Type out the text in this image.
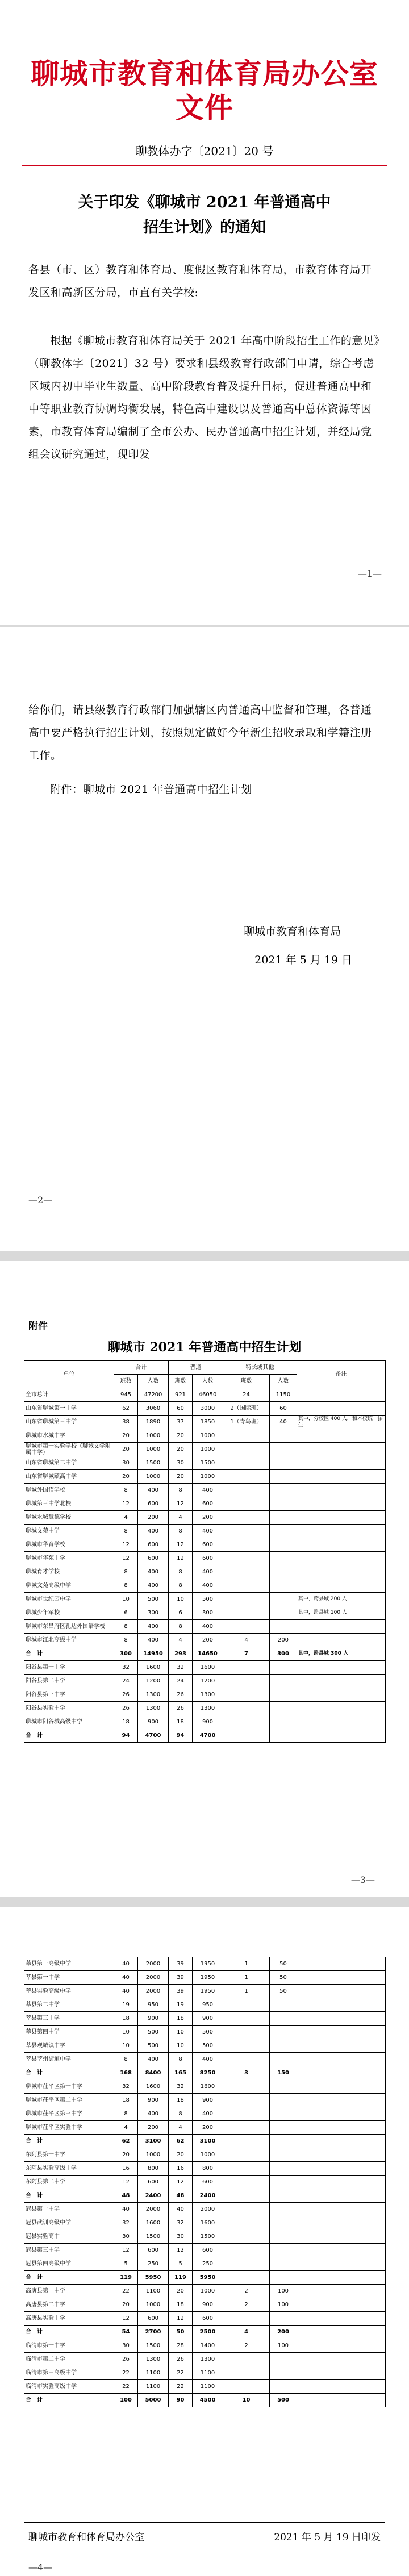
聊城市教育和体育局办公室文件
聊教体办字〔2021〕20 号
关于印发《聊城市 2021 年普通高中
招生计划》的通知

各县（市、区）教育和体育局、度假区教育和体育局，市教育体育局开发区和高新区分局，市直有关学校:

根据《聊城市教育和体育局关于 2021 年高中阶段招生工作的意见》（聊教体字〔2021〕32 号）要求和县级教育行政部门申请，综合考虑区域内初中毕业生数量、高中阶段教育普及提升目标，促进普通高中和中等职业教育协调均衡发展，特色高中建设以及普通高中总体资源等因素，市教育体育局编制了全市公办、民办普通高中招生计划，并经局党组会议研究通过，现印发

—1—
—2—

给你们，请县级教育行政部门加强辖区内普通高中监督和管理，各普通高中要严格执行招生计划，按照规定做好今年新生招收录取和学籍注册工作。

附件：聊城市 2021 年普通高中招生计划

聊城市教育和体育局
2021 年 5 月 19 日
—3—
附件
聊城市 2021 年普通高中招生计划
单位	合计		普通		特长或其他		备注
	班数	人数	班数	人数	班数	人数	
全市总计	945	47200	921	46050	24	1150	
山东省聊城第一中学	62	3060	60	3000	2（国际班）	60	
山东省聊城第三中学	38	1890	37	1850	1（青岛班）	40	其中，分校区 400 人，和本校统一招生
聊城市水城中学	20	1000	20	1000			
聊城市第一实验学校（聊城文学附属中学）	20	1000	20	1000			
山东省聊城第二中学	30	1500	30	1500			
山东省聊城颐高中学	20	1000	20	1000			
聊城外国语学校	8	400	8	400			
聊城第三中学北校	12	600	12	600			
聊城水城慧德学校	4	200	4	200			
聊城文苑中学	8	400	8	400			
聊城市华育学校	12	600	12	600			
聊城市华苑中学	12	600	12	600			
聊城育才学校	8	400	8	400			
聊城文苑高级中学	8	400	8	400			
聊城市世纪园中学	10	500	10	500			其中，跨县域 200 人
聊城少年军校	6	300	6	300			其中，跨县域 100 人
聊城市东昌府区孔达外国语学校	8	400	8	400			
聊城市江北高级中学	8	400	4	200	4	200	
合　计	300	14950	293	14650	7	300	其中，跨县域 300 人
阳谷县第一中学	32	1600	32	1600			
阳谷县第二中学	24	1200	24	1200			
阳谷县第三中学	26	1300	26	1300			
阳谷县实验中学	26	1300	26	1300			
聊城市阳谷城高级中学	18	900	18	900			
合　计	94	4700	94	4700			
莘县第一高级中学	40	2000	39	1950	1	50	
莘县第一中学	40	2000	39	1950	1	50	
莘县实验高级中学	40	2000	39	1950	1	50	
莘县第二中学	19	950	19	950			
莘县第三中学	18	900	18	900			
莘县第四中学	10	500	10	500			
莘县观城镇中学	10	500	10	500			
莘县莘州街道中学	8	400	8	400			
合　计	168	8400	165	8250	3	150	
聊城市茌平区第一中学	32	1600	32	1600			
聊城市茌平区第二中学	18	900	18	900			
聊城市茌平区第三中学	8	400	8	400			
聊城市茌平区实验中学	4	200	4	200			
合　计	62	3100	62	3100			
东阿县第一中学	20	1000	20	1000			
东阿县实验高级中学	16	800	16	800			
东阿县第二中学	12	600	12	600			
合　计	48	2400	48	2400			
冠县第一中学	40	2000	40	2000			
冠县武训高级中学	32	1600	32	1600			
冠县实验高中	30	1500	30	1500			
冠县第三中学	12	600	12	600			
冠县第四高级中学	5	250	5	250			
合　计	119	5950	119	5950			
高唐县第一中学	22	1100	20	1000	2	100	
高唐县第二中学	20	1000	18	900	2	100	
高唐县实验中学	12	600	12	600			
合　计	54	2700	50	2500	4	200	
临清市第一中学	30	1500	28	1400	2	100	
临清市第二中学	26	1300	26	1300			
临清市第三高级中学	22	1100	22	1100			
临清市实验高级中学	22	1100	22	1100			
合　计	100	5000	90	4500	10	500	
聊城市教育和体育局办公室	2021 年 5 月 19 日印发
—4—
